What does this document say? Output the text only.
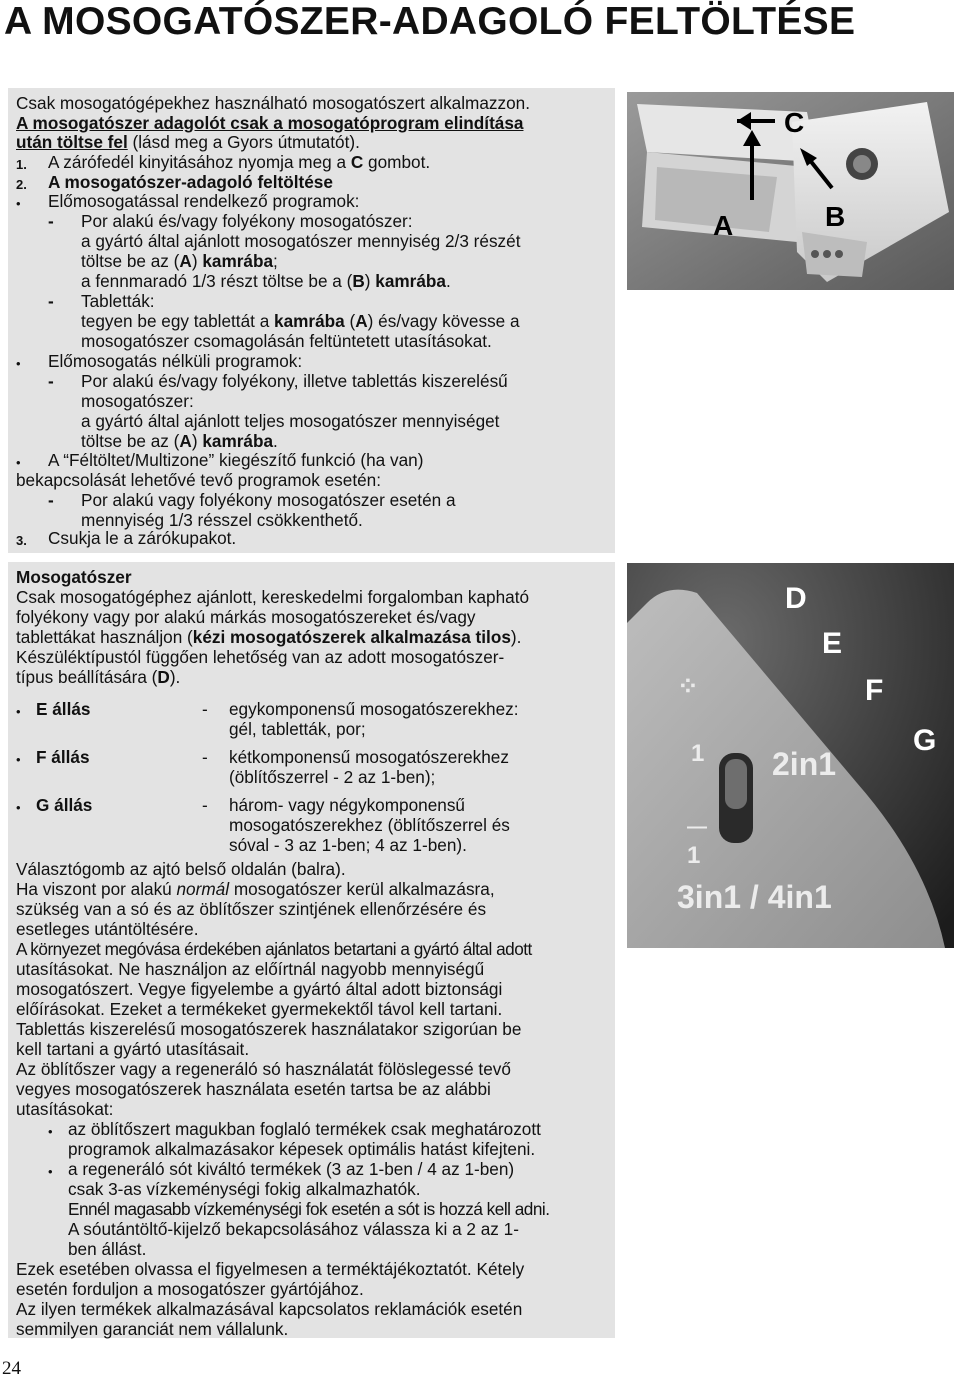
A MOSOGATÓSZER-ADAGOLÓ FELTÖLTÉSE
Csak mosogatógépekhez használható mosogatószert alkalmazzon.
A mosogatószer adagolót csak a mosogatóprogram elindítása
után töltse fel (lásd meg a Gyors útmutatót).
1. A zárófedél kinyitásához nyomja meg a C gombot.
2. A mosogatószer-adagoló feltöltése
• Előmosogatással rendelkező programok:
- Por alakú és/vagy folyékony mosogatószer:
a gyártó által ajánlott mosogatószer mennyiség 2/3 részét
töltse be az (A) kamrába;
a fennmaradó 1/3 részt töltse be a (B) kamrába.
- Tabletták:
tegyen be egy tablettát a kamrába (A) és/vagy kövesse a
mosogatószer csomagolásán feltüntetett utasításokat.
• Előmosogatás nélküli programok:
- Por alakú és/vagy folyékony, illetve tablettás kiszerelésű
mosogatószer:
a gyártó által ajánlott teljes mosogatószer mennyiséget
töltse be az (A) kamrába.
• A “Féltöltet/Multizone” kiegészítő funkció (ha van)
bekapcsolását lehetővé tevő programok esetén:
- Por alakú vagy folyékony mosogatószer esetén a
mennyiség 1/3 résszel csökkenthető.
3. Csukja le a zárókupakot.
C
A	B
Mosogatószer
Csak mosogatógéphez ajánlott, kereskedelmi forgalomban kapható
folyékony vagy por alakú márkás mosogatószereket és/vagy
tablettákat használjon (kézi mosogatószerek alkalmazása tilos).
Készüléktípustól függően lehetőség van az adott mosogatószer-
típus beállítására (D).
• E állás	- egykomponensű mosogatószerekhez:
gél, tabletták, por;
• F állás	- kétkomponensű mosogatószerekhez
(öblítőszerrel - 2 az 1-ben);
• G állás	- három- vagy négykomponensű
mosogatószerekhez (öblítőszerrel és
sóval - 3 az 1-ben; 4 az 1-ben).
Választógomb az ajtó belső oldalán (balra).
Ha viszont por alakú normál mosogatószer kerül alkalmazásra,
szükség van a só és az öblítőszer szintjének ellenőrzésére és
esetleges utántöltésére.
A környezet megóvása érdekében ajánlatos betartani a gyártó által adott
utasításokat. Ne használjon az előírtnál nagyobb mennyiségű
mosogatószert. Vegye figyelembe a gyártó által adott biztonsági
előírásokat. Ezeket a termékeket gyermekektől távol kell tartani.
Tablettás kiszerelésű mosogatószerek használatakor szigorúan be
kell tartani a gyártó utasításait.
Az öblítőszer vagy a regeneráló só használatát fölöslegessé tevő
vegyes mosogatószerek használata esetén tartsa be az alábbi
utasításokat:
• az öblítőszert magukban foglaló termékek csak meghatározott
programok alkalmazásakor képesek optimális hatást kifejteni.
• a regeneráló sót kiváltó termékek (3 az 1-ben / 4 az 1-ben)
csak 3-as vízkeménységi fokig alkalmazhatók.
Ennél magasabb vízkeménységi fok esetén a sót is hozzá kell adni.
A sóutántöltő-kijelző bekapcsolásához válassza ki a 2 az 1-
ben állást.
Ezek esetében olvassa el figyelmesen a terméktájékoztatót. Kétely
esetén forduljon a mosogatószer gyártójához.
Az ilyen termékek alkalmazásával kapcsolatos reklamációk esetén
semmilyen garanciát nem vállalunk.
⁘
1
—
2in1
1
3in1 / 4in1
D
E
F
G
24
